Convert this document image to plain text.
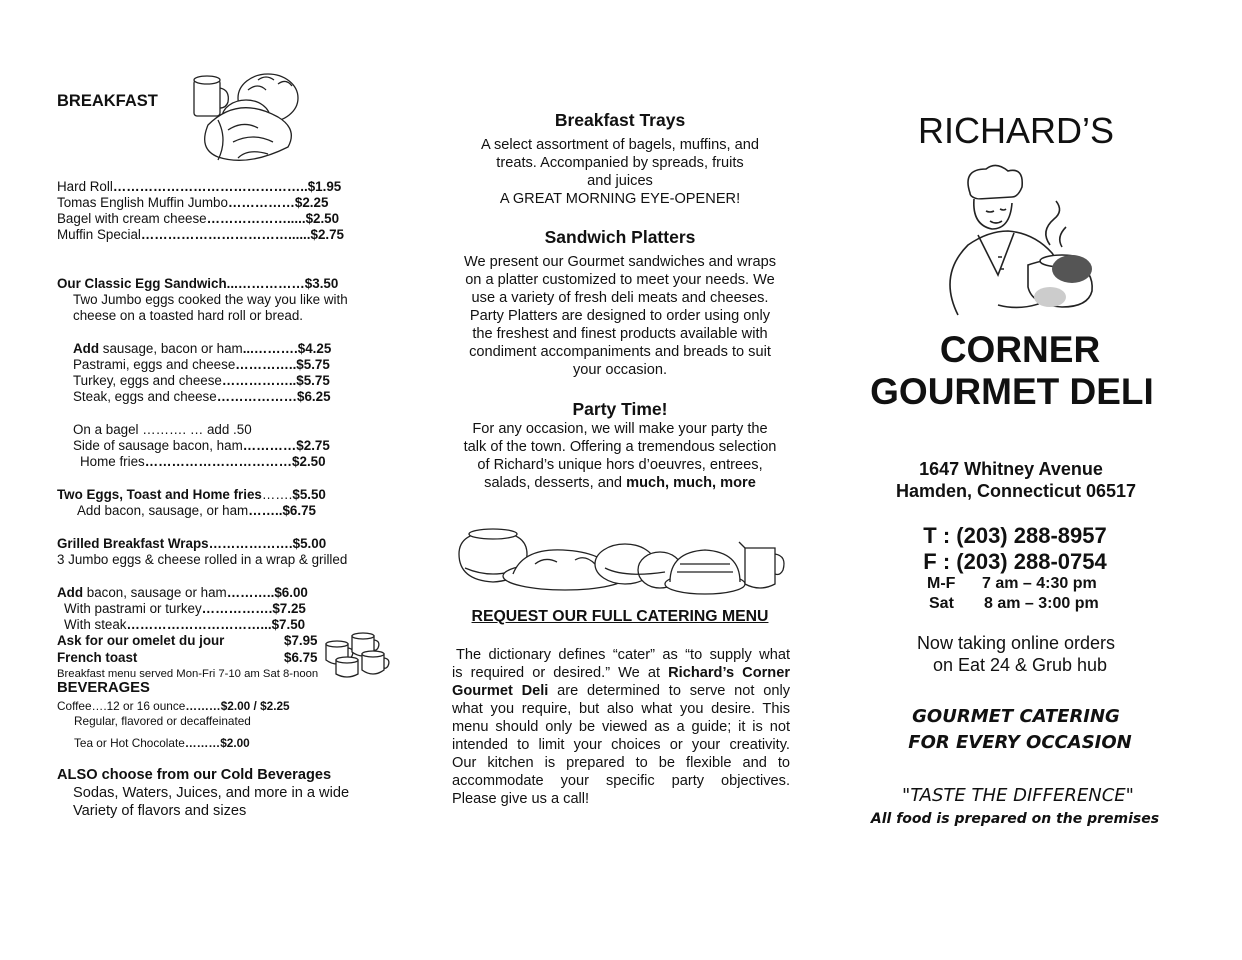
BREAKFAST
Hard Roll……………………………………..$1.95
Tomas English Muffin Jumbo……………$2.25
Bagel with cream cheese……………….....$2.50
Muffin Special……………………………......$2.75
Our Classic Egg Sandwich...……………$3.50
Two Jumbo eggs cooked the way you like with
cheese on a toasted hard roll or bread.
Add sausage, bacon or ham...……….$4.25
Pastrami, eggs and cheese…………..$5.75
Turkey, eggs and cheese……………..$5.75
Steak, eggs and cheese………………$6.25
On a bagel ………. … add .50
Side of sausage bacon, ham…………$2.75
Home fries……………………………$2.50
Two Eggs, Toast and Home fries…….$5.50
Add bacon, sausage, or ham……..$6.75
Grilled Breakfast Wraps……………….$5.00
3 Jumbo eggs & cheese rolled in a wrap & grilled
Add bacon, sausage or ham………..$6.00
With pastrami or turkey…………….$7.25
With steak…………………………...$7.50
Ask for our omelet du jour	$7.95
French toast	$6.75
Breakfast menu served Mon-Fri 7-10 am Sat 8-noon
BEVERAGES
Coffee….12 or 16 ounce………$2.00 / $2.25
Regular, flavored or decaffeinated
Tea or Hot Chocolate………$2.00
ALSO choose from our Cold Beverages
Sodas, Waters, Juices, and more in a wide
Variety of flavors and sizes
Breakfast Trays
A select assortment of bagels, muffins, and
treats. Accompanied by spreads, fruits
and juices
A GREAT MORNING EYE-OPENER!
Sandwich Platters
We present our Gourmet sandwiches and wraps
on a platter customized to meet your needs. We
use a variety of fresh deli meats and cheeses.
Party Platters are designed to order using only
the freshest and finest products available with
condiment accompaniments and breads to suit
your occasion.
Party Time!
For any occasion, we will make your party the
talk of the town. Offering a tremendous selection
of Richard’s unique hors d’oeuvres, entrees,
salads, desserts, and much, much, more
REQUEST OUR FULL CATERING MENU
The dictionary defines “cater” as “to supply what
is required or desired.” We at Richard’s Corner
Gourmet Deli are determined to serve not only
what you require, but also what you desire. This
menu should only be viewed as a guide; it is not
intended to limit your choices or your creativity.
Our kitchen is prepared to be flexible and to
accommodate your specific party objectives.
Please give us a call!
RICHARD’S
CORNER
GOURMET DELI
1647 Whitney Avenue
Hamden, Connecticut 06517
T : (203) 288-8957
F : (203) 288-0754
M-F 7 am – 4:30 pm
Sat 8 am – 3:00 pm
Now taking online orders
on Eat 24 & Grub hub
GOURMET CATERING
FOR EVERY OCCASION
"TASTE THE DIFFERENCE"
All food is prepared on the premises
